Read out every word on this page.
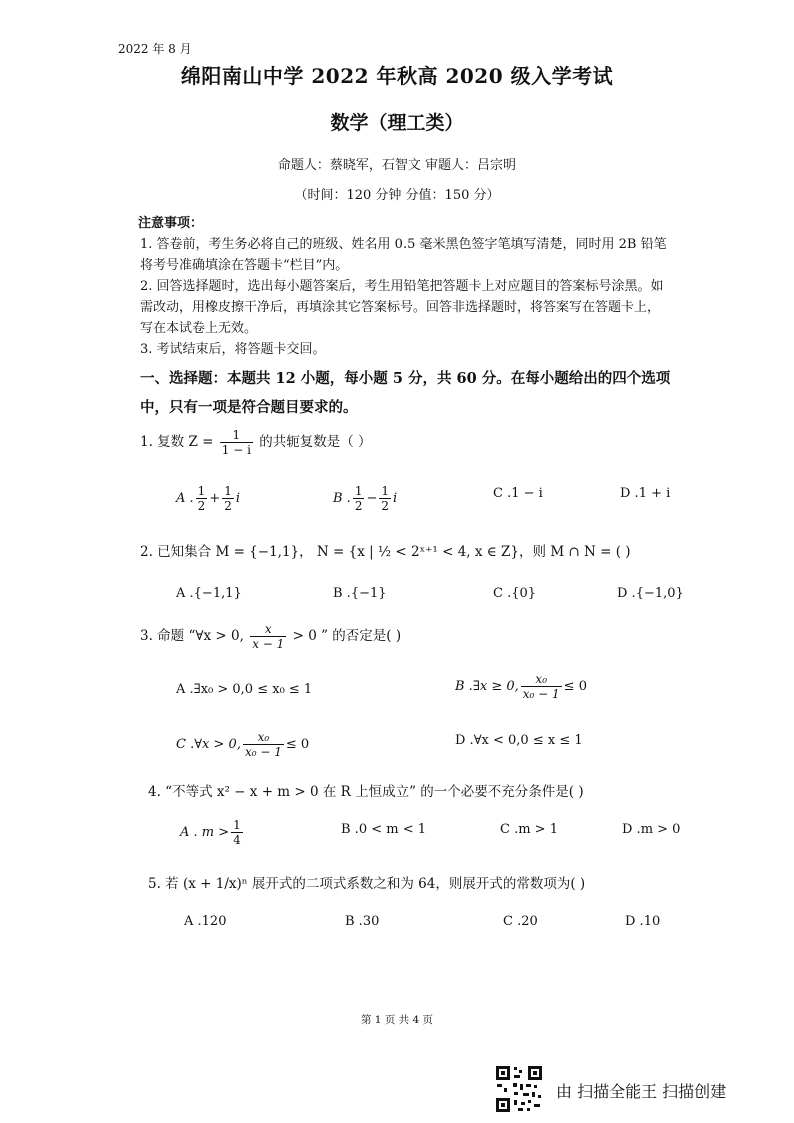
2022 年 8 月
绵阳南山中学 2022 年秋高 2020 级入学考试
数学（理工类）
命题人：蔡晓军，石智文 审题人：吕宗明
（时间：120 分钟 分值：150 分）
注意事项：
1. 答卷前，考生务必将自己的班级、姓名用 0.5 毫米黑色签字笔填写清楚，同时用 2B 铅笔将考号准确填涂在答题卡“栏目”内。
2. 回答选择题时，选出每小题答案后，考生用铅笔把答题卡上对应题目的答案标号涂黑。如需改动，用橡皮擦干净后，再填涂其它答案标号。回答非选择题时，将答案写在答题卡上，写在本试卷上无效。
3. 考试结束后，将答题卡交回。
一、选择题：本题共 12 小题，每小题 5 分，共 60 分。在每小题给出的四个选项中，只有一项是符合题目要求的。
1. 复数 $Z = \frac{1}{1 - i}$ 的共轭复数是（ ）
A . $\frac{1}{2} + \frac{1}{2}$ i	B . $\frac{1}{2} - \frac{1}{2}$ i	C .1 − i	D .1 + i
2. 已知集合 M = {−1,1}， N = {x | ½ < 2ˣ⁺¹ < 4, x ∈ Z}，则 M ∩ N = ( )
A .{−1,1}	B .{−1}	C .{0}	D .{−1,0}
3. 命题 “∀x > 0, $\frac{x}{x - 1} > 0$ ” 的否定是( )
A .∃x₀ > 0,0 ≤ x₀ ≤ 1	B .∃x ≥ 0, $\frac{\text{x₀}}{\text{x₀ − 1}} \le 0$
C .∀x > 0, $\frac{\text{x₀}}{\text{x₀ − 1}} \le 0$	D .∀x < 0,0 ≤ x ≤ 1
4. “不等式 x² − x + m > 0 在 R 上恒成立” 的一个必要不充分条件是( )
A . $m > \frac{1}{4}$	B .0 < m < 1	C .m > 1	D .m > 0
5. 若 (x + 1/x)ⁿ 展开式的二项式系数之和为 64，则展开式的常数项为( )
A .120	B .30	C .20	D .10
第 1 页 共 4 页
由 扫描全能王 扫描创建
